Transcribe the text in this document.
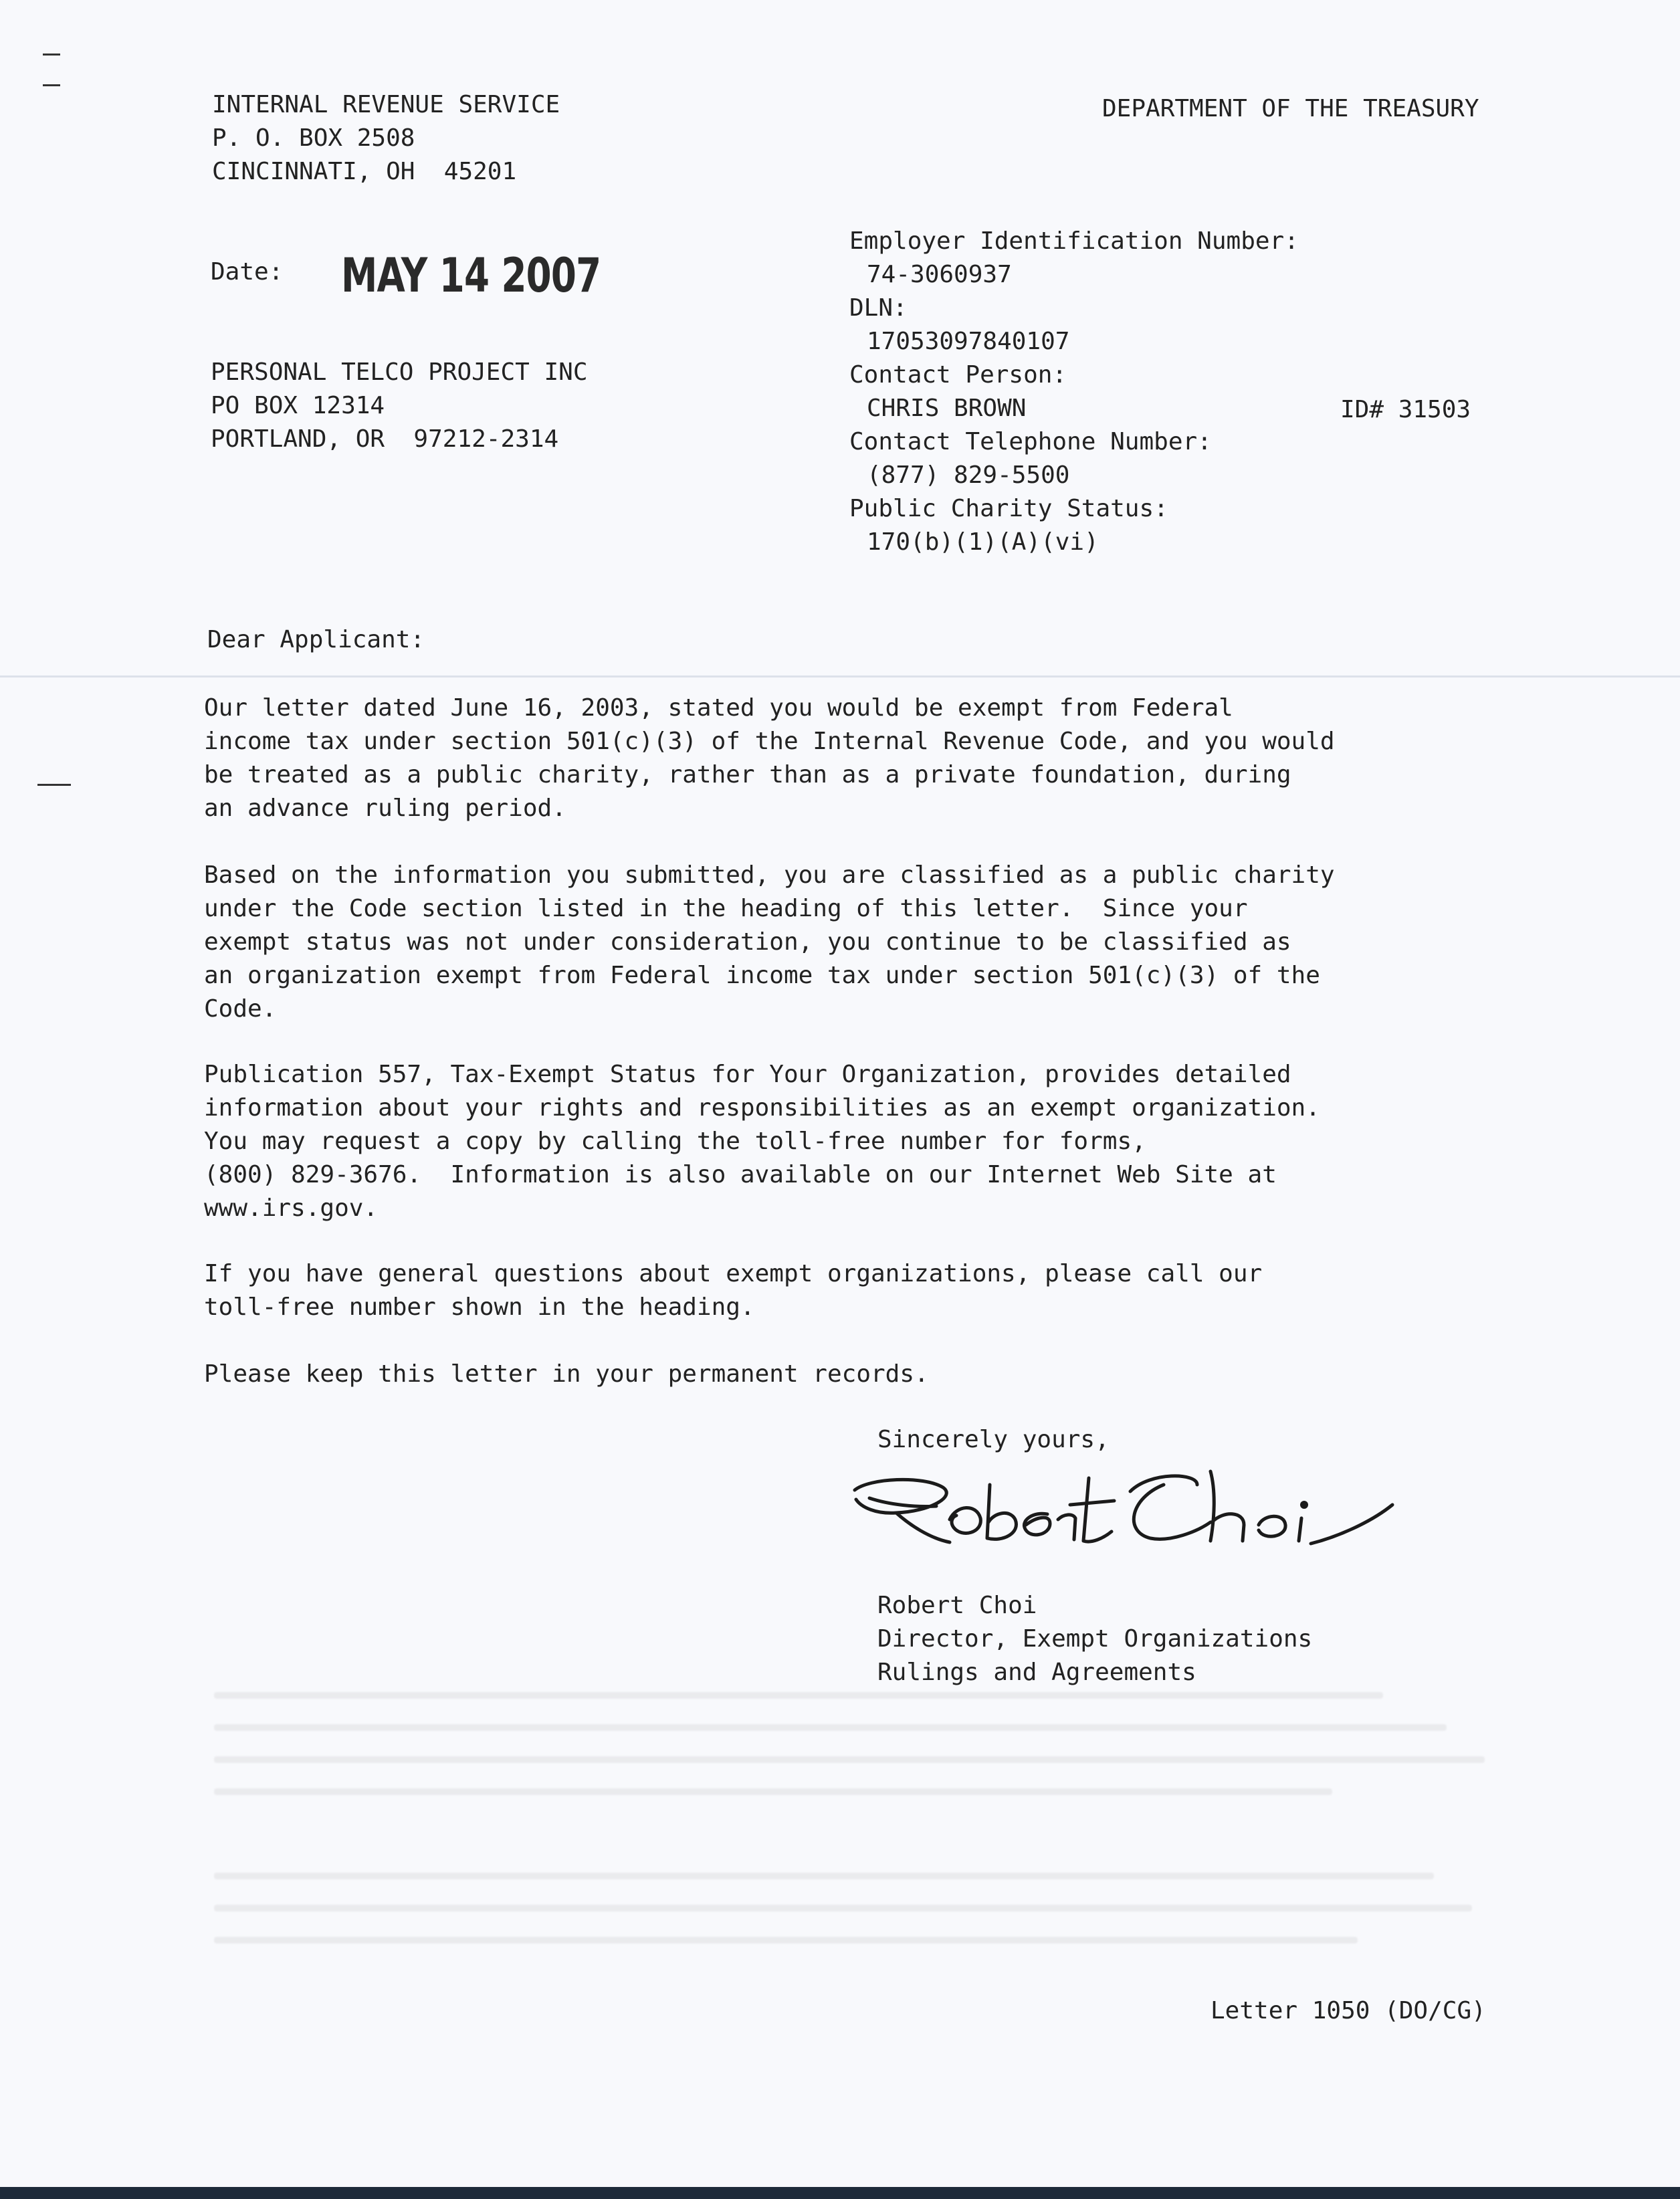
INTERNAL REVENUE SERVICE
P. O. BOX 2508
CINCINNATI, OH  45201
DEPARTMENT OF THE TREASURY
Date: MAY 14 2007
PERSONAL TELCO PROJECT INC
PO BOX 12314
PORTLAND, OR  97212-2314
Employer Identification Number:
74-3060937
DLN:
17053097840107
Contact Person:
CHRIS BROWN
Contact Telephone Number:
(877) 829-5500
Public Charity Status:
170(b)(1)(A)(vi)
ID# 31503
Dear Applicant:
Our letter dated June 16, 2003, stated you would be exempt from Federal
income tax under section 501(c)(3) of the Internal Revenue Code, and you would
be treated as a public charity, rather than as a private foundation, during
an advance ruling period.
Based on the information you submitted, you are classified as a public charity
under the Code section listed in the heading of this letter.  Since your
exempt status was not under consideration, you continue to be classified as
an organization exempt from Federal income tax under section 501(c)(3) of the
Code.
Publication 557, Tax-Exempt Status for Your Organization, provides detailed
information about your rights and responsibilities as an exempt organization.
You may request a copy by calling the toll-free number for forms,
(800) 829-3676.  Information is also available on our Internet Web Site at
www.irs.gov.
If you have general questions about exempt organizations, please call our
toll-free number shown in the heading.
Please keep this letter in your permanent records.
Sincerely yours,
Robert Choi
Director, Exempt Organizations
Rulings and Agreements
Letter 1050 (DO/CG)
